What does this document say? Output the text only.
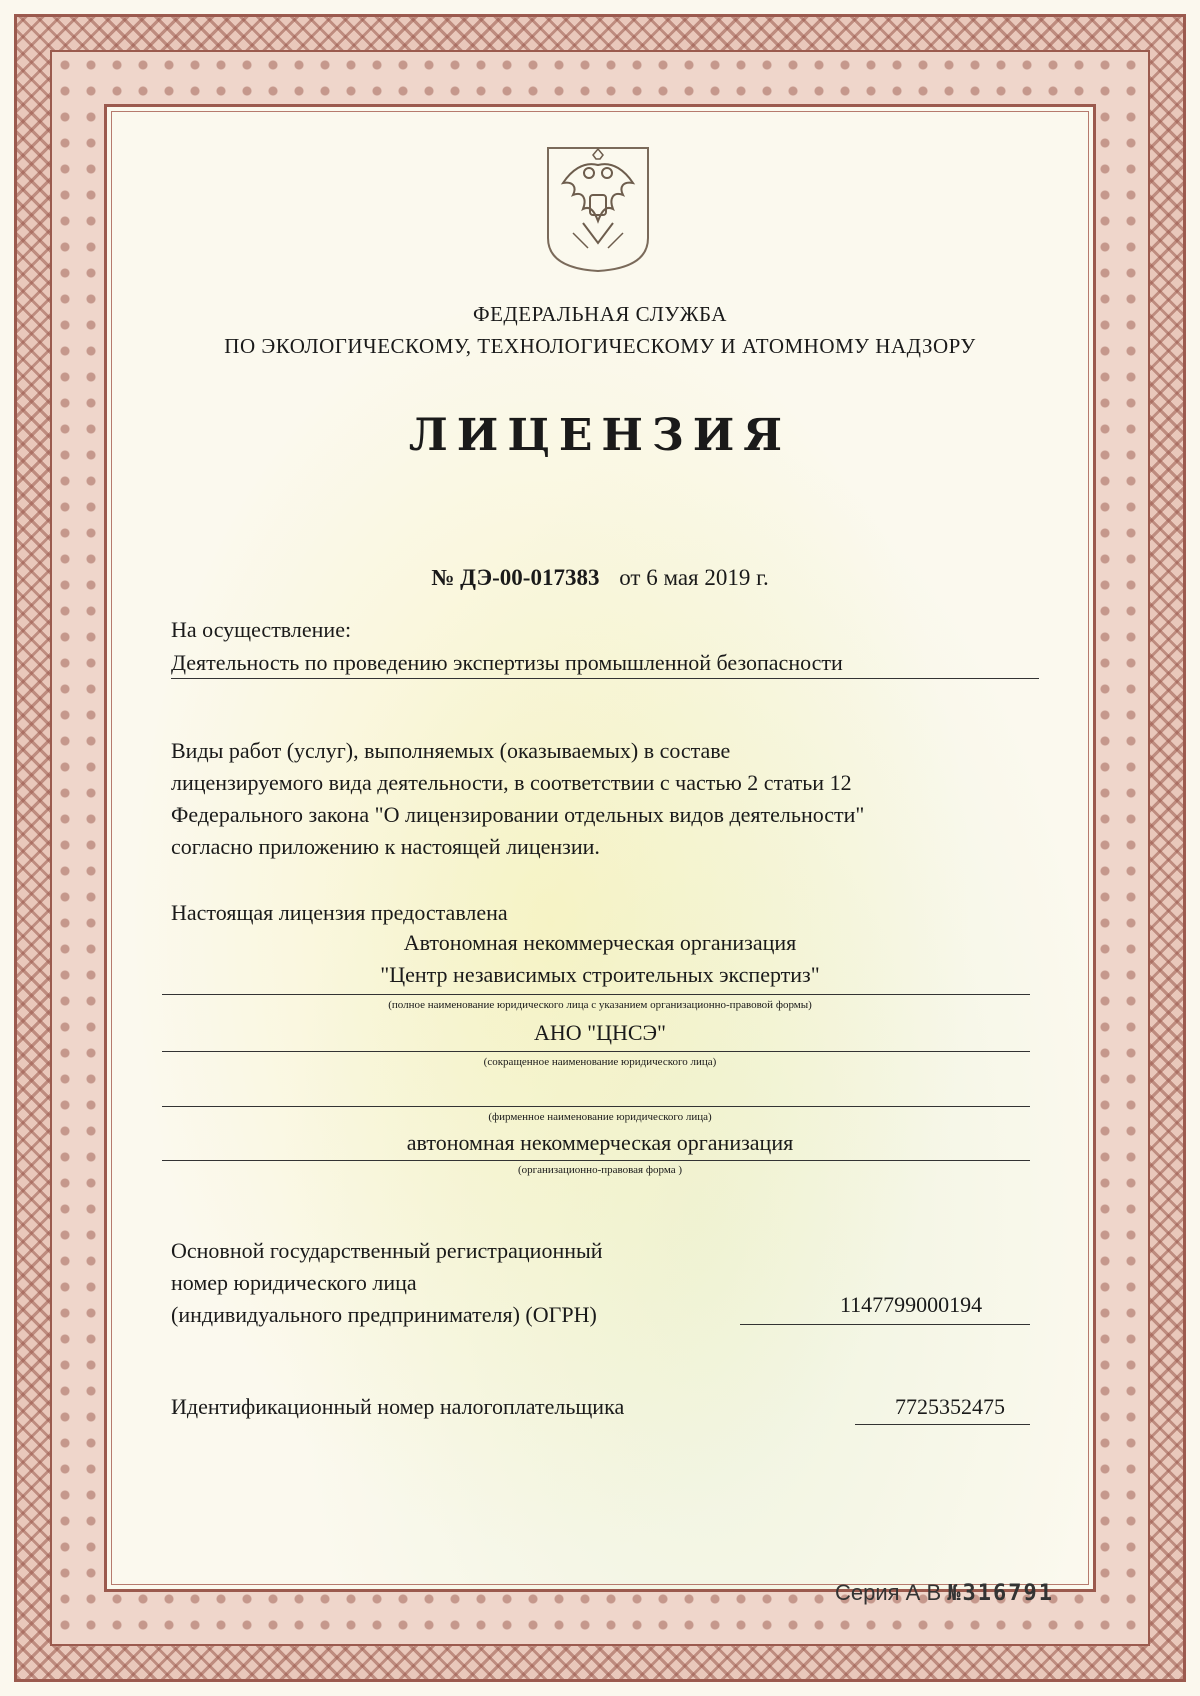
ФЕДЕРАЛЬНАЯ СЛУЖБА
ПО ЭКОЛОГИЧЕСКОМУ, ТЕХНОЛОГИЧЕСКОМУ И АТОМНОМУ НАДЗОРУ
ЛИЦЕНЗИЯ
№ ДЭ-00-017383 от 6 мая 2019 г.
На осуществление:
Деятельность по проведению экспертизы промышленной безопасности
Виды работ (услуг), выполняемых (оказываемых) в составе
лицензируемого вида деятельности, в соответствии с частью 2 статьи 12
Федерального закона "О лицензировании отдельных видов деятельности"
согласно приложению к настоящей лицензии.
Настоящая лицензия предоставлена
Автономная некоммерческая организация
"Центр независимых строительных экспертиз"
(полное наименование юридического лица с указанием организационно-правовой формы)
АНО "ЦНСЭ"
(сокращенное наименование юридического лица)
(фирменное наименование юридического лица)
автономная некоммерческая организация
(организационно-правовая форма )
Основной государственный регистрационный
номер юридического лица
(индивидуального предпринимателя) (ОГРН)	1147799000194
Идентификационный номер налогоплательщика	7725352475
Серия А В №316791
